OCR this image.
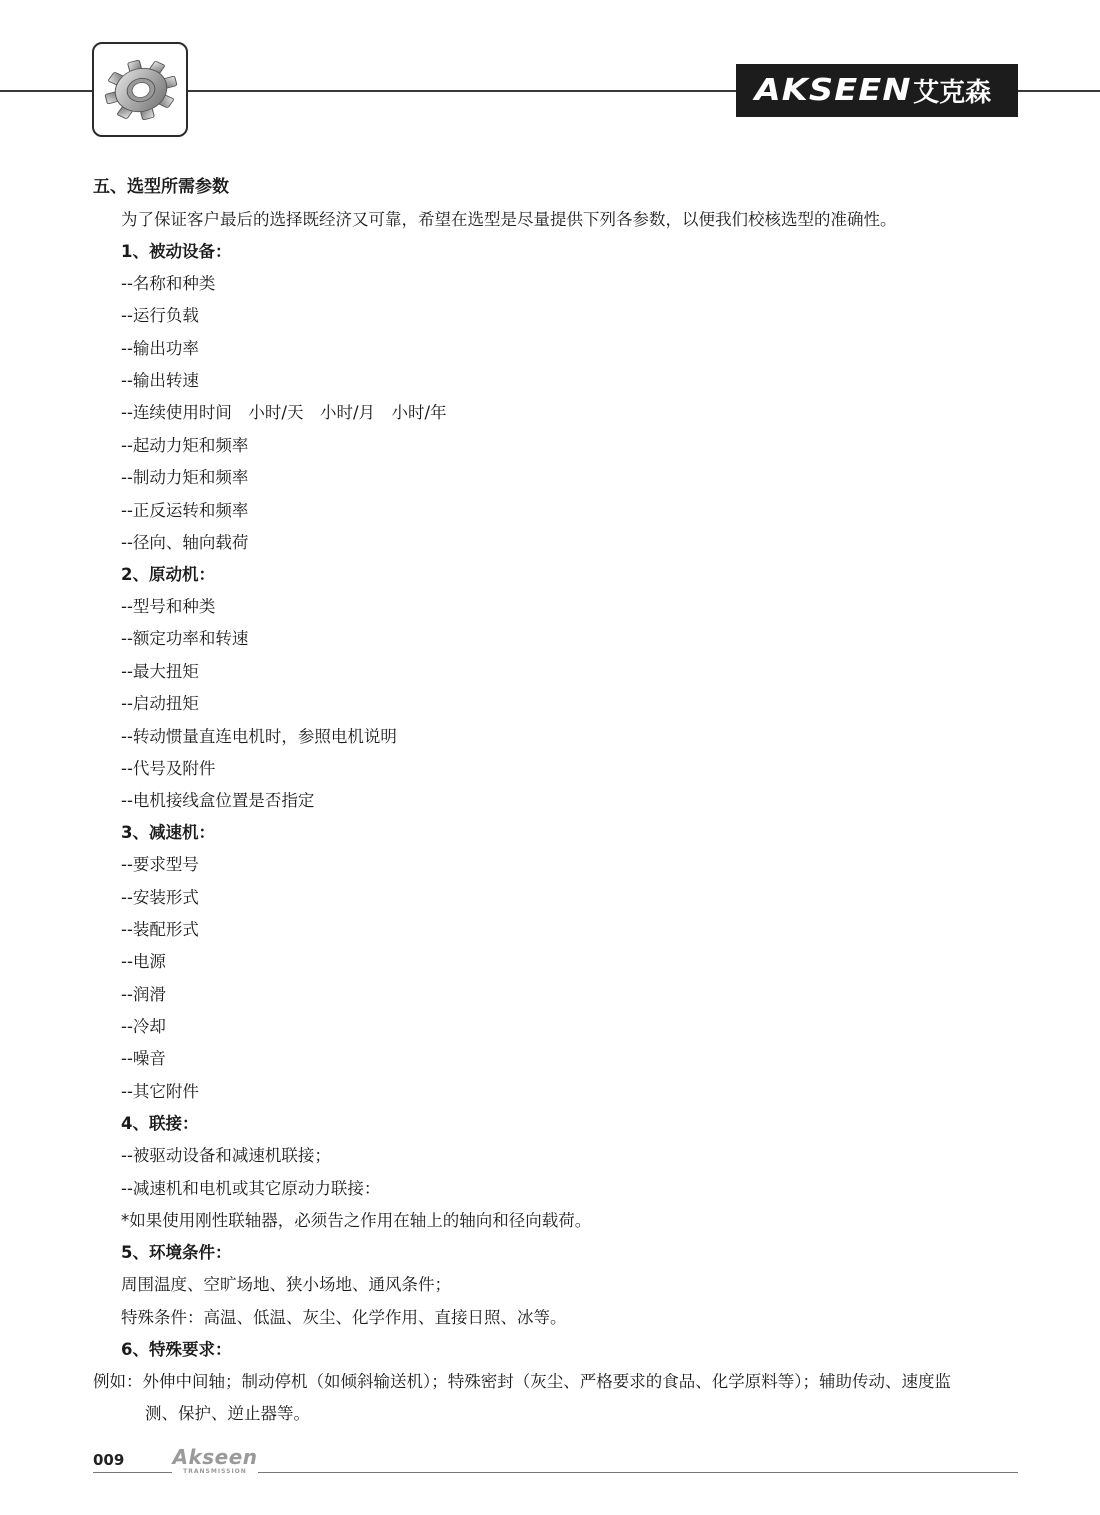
AKSEEN 艾克森
五、选型所需参数
为了保证客户最后的选择既经济又可靠，希望在选型是尽量提供下列各参数，以便我们校核选型的准确性。
1、被动设备：
--名称和种类
--运行负载
--输出功率
--输出转速
--连续使用时间　小时/天　小时/月　小时/年
--起动力矩和频率
--制动力矩和频率
--正反运转和频率
--径向、轴向载荷
2、原动机：
--型号和种类
--额定功率和转速
--最大扭矩
--启动扭矩
--转动惯量直连电机时，参照电机说明
--代号及附件
--电机接线盒位置是否指定
3、减速机：
--要求型号
--安装形式
--装配形式
--电源
--润滑
--冷却
--噪音
--其它附件
4、联接：
--被驱动设备和减速机联接；
--减速机和电机或其它原动力联接：
*如果使用刚性联轴器，必须告之作用在轴上的轴向和径向载荷。
5、环境条件：
周围温度、空旷场地、狭小场地、通风条件；
特殊条件：高温、低温、灰尘、化学作用、直接日照、冰等。
6、特殊要求：
例如：外伸中间轴；制动停机（如倾斜输送机）；特殊密封（灰尘、严格要求的食品、化学原料等）；辅助传动、速度监
测、保护、逆止器等。
009 Akseen
TRANSMISSION
